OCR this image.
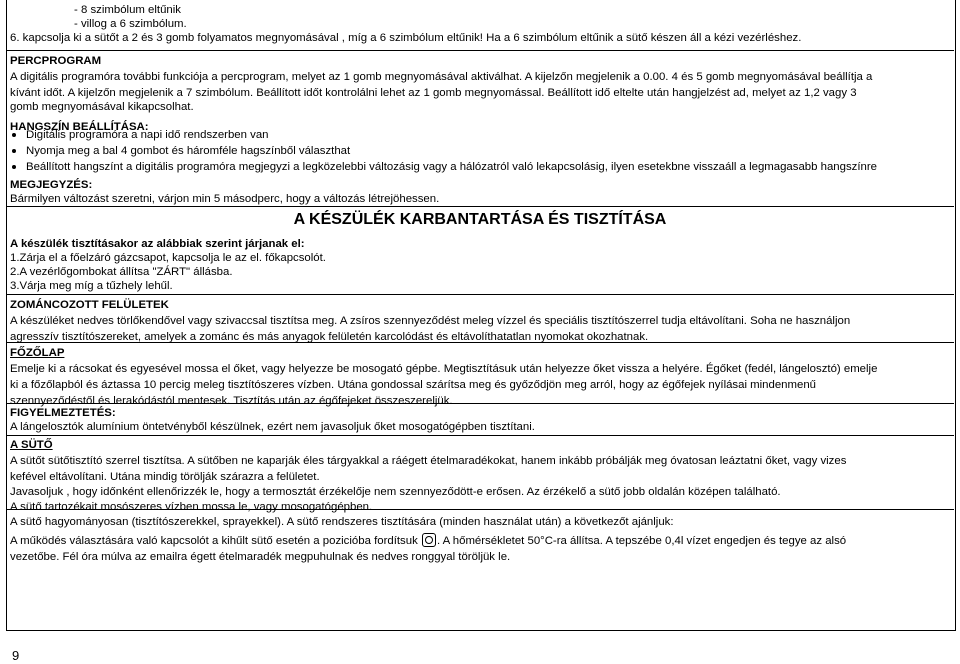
- 8 szimbólum eltűnik

- villog a 6 szimbólum.

6. kapcsolja ki a sütőt a 2 és 3 gomb folyamatos megnyomásával , míg a 6 szimbólum eltűnik! Ha a 6 szimbólum eltűnik a sütő készen áll a kézi vezérléshez.

PERCPROGRAM

A digitális programóra további funkciója a percprogram, melyet az 1 gomb megnyomásával aktiválhat. A kijelzőn megjelenik a 0.00. 4 és 5 gomb megnyomásával beállítja a

kívánt időt. A kijelzőn megjelenik a 7 szimbólum. Beállított időt kontrolálni lehet az 1 gomb megnyomással. Beállított idő eltelte után hangjelzést ad, melyet az 1,2 vagy 3

gomb megnyomásával kikapcsolhat.

HANGSZÍN BEÁLLÍTÁSA:

Digitális programóra a napi idő rendszerben van
Nyomja meg a bal 4 gombot és háromféle hagszínből választhat
Beállított hangszínt a digitális programóra megjegyzi a legközelebbi változásig vagy a hálózatról való lekapcsolásig, ilyen esetekbne visszaáll a legmagasabb hangszínre

MEGJEGYZÉS:

Bármilyen változást szeretni, várjon min 5 másodperc, hogy a változás létrejöhessen.

A KÉSZÜLÉK KARBANTARTÁSA ÉS TISZTÍTÁSA

A készülék tisztításakor az alábbiak szerint járjanak el:

1.Zárja el a főelzáró gázcsapot, kapcsolja le az el. főkapcsolót.

2.A vezérlőgombokat állítsa "ZÁRT" állásba.

3.Várja meg míg a tűzhely lehűl.

ZOMÁNCOZOTT FELÜLETEK

A készüléket nedves törlőkendővel vagy szivaccsal tisztítsa meg. A zsíros szennyeződést meleg vízzel és speciális tisztítószerrel tudja eltávolítani. Soha ne használjon

agresszív tisztítószereket, amelyek a zománc és más anyagok felületén karcolódást és eltávolíthatatlan nyomokat okozhatnak.

FŐZŐLAP

Emelje ki a rácsokat és egyesével mossa el őket, vagy helyezze be mosogató gépbe. Megtisztításuk után helyezze őket vissza a helyére. Égőket (fedél, lángelosztó) emelje

ki a főzőlapból és áztassa 10 percig meleg tisztítószeres vízben. Utána gondossal szárítsa meg és győződjön meg arról, hogy az égőfejek nyílásai mindenmenű

szennyeződéstől és lerakódástól mentesek. Tisztítás után az égőfejeket összeszereljük.

FIGYELMEZTETÉS:

A lángelosztók alumínium öntetvényből készülnek, ezért nem javasoljuk őket mosogatógépben tisztítani.

A SÜTŐ

A sütőt sütőtisztító szerrel tisztítsa. A sütőben ne kaparják éles tárgyakkal a ráégett ételmaradékokat, hanem inkább próbálják meg óvatosan leáztatni őket, vagy vizes

kefével eltávolítani. Utána mindig törölják szárazra a felületet.

Javasoljuk , hogy időnként ellenőrizzék le, hogy a termosztát érzékelője nem szennyeződött-e erősen. Az érzékelő a sütő jobb oldalán középen található.

A sütő tartozékait mosószeres vízben mossa le, vagy mosogatógépben.

A sütő hagyományosan (tisztítószerekkel, sprayekkel). A sütő rendszeres tisztítására (minden használat után) a következőt ajánljuk:

A működés választására való kapcsolót a kihűlt sütő esetén a pozicióba fordítsuk . A hőmérsékletet 50°C-ra állítsa. A tepszébe 0,4l vízet engedjen és tegye az alsó

vezetőbe. Fél óra múlva az emailra égett ételmaradék megpuhulnak és nedves ronggyal töröljük le.

9
